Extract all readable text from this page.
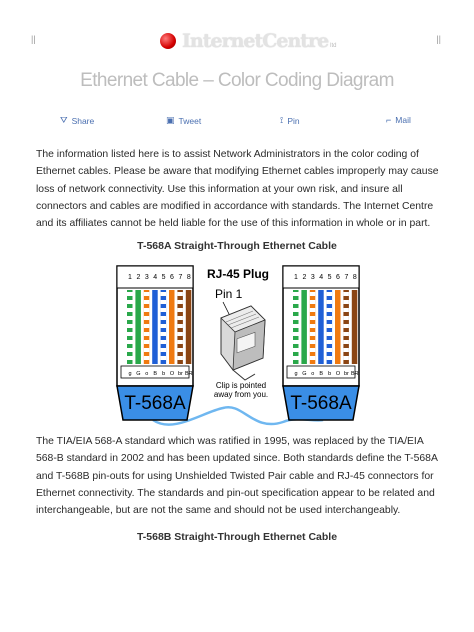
||	InternetCentre ltd
||
Ethernet Cable – Color Coding Diagram
⛛ Share	▣ Tweet	⟟ Pin	⌐ Mail
The information listed here is to assist Network Administrators in the color coding of Ethernet cables. Please be aware that modifying Ethernet cables improperly may cause loss of network connectivity. Use this information at your own risk, and insure all connectors and cables are modified in accordance with standards. The Internet Centre and its affiliates cannot be held liable for the use of this information in whole or in part.
T-568A Straight-Through Ethernet Cable
1 2 3 4 5 6 7 8
g G o B b O br BR
T-568A
1 2 3 4 5 6 7 8
g G o B b O br BR
T-568A
RJ-45 Plug
Pin 1
Clip is pointed
away from you.
The TIA/EIA 568-A standard which was ratified in 1995, was replaced by the TIA/EIA 568-B standard in 2002 and has been updated since. Both standards define the T-568A and T-568B pin-outs for using Unshielded Twisted Pair cable and RJ-45 connectors for Ethernet connectivity. The standards and pin-out specification appear to be related and interchangeable, but are not the same and should not be used interchangeably.
T-568B Straight-Through Ethernet Cable
